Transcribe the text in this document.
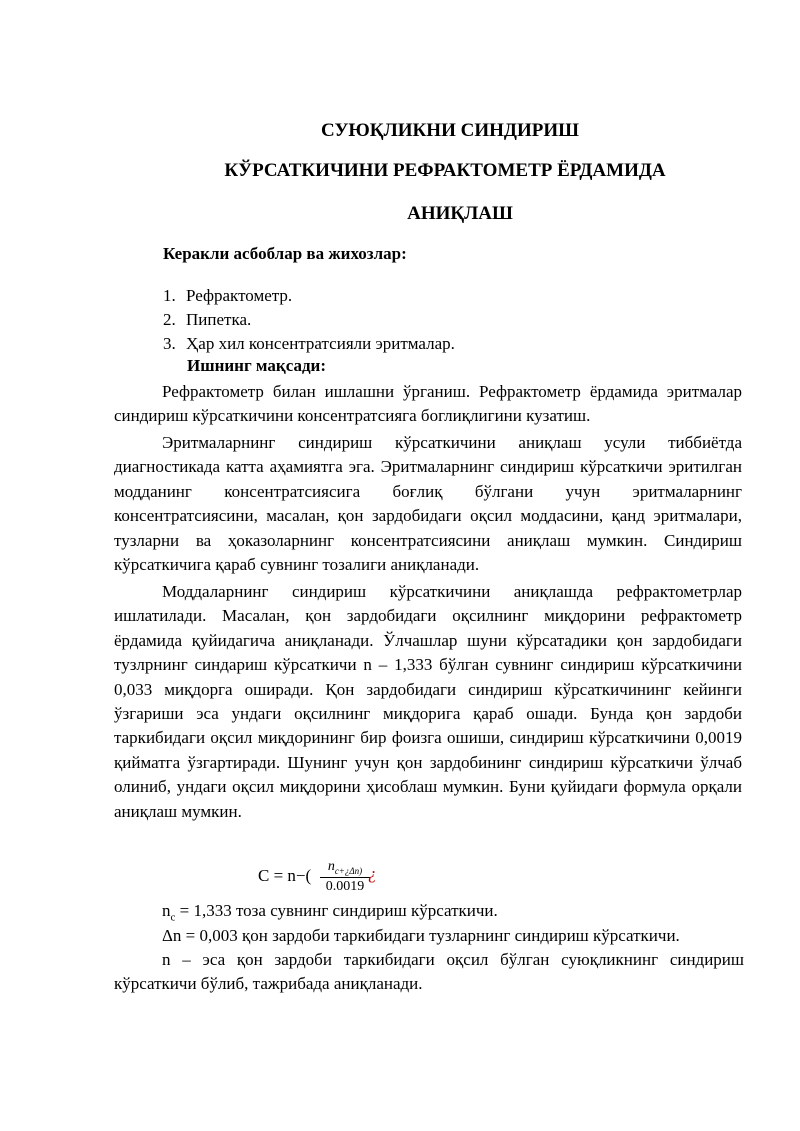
СУЮҚЛИКНИ СИНДИРИШ
КЎРСАТКИЧИНИ РЕФРАКТОМЕТР ЁРДАМИДА
АНИҚЛАШ
Керакли асбоблар ва жихозлар:
1. Рефрактометр.
2. Пипетка.
3. Ҳар хил консентратсияли эритмалар.
Ишнинг мақсади:

Рефрактометр билан ишлашни ўрганиш. Рефрактометр ёрдамида эритмалар синдириш кўрсаткичини консентратсияга боглиқлигини кузатиш.

Эритмаларнинг синдириш кўрсаткичини аниқлаш усули тиббиётда диагностикада катта аҳамиятга эга. Эритмаларнинг синдириш кўрсаткичи эритилган модданинг консентратсиясига боғлиқ бўлгани учун эритмаларнинг консентратсиясини, масалан, қон зардобидаги оқсил моддасини, қанд эритмалари, тузларни ва ҳоказоларнинг консентратсиясини аниқлаш мумкин. Синдириш кўрсаткичига қараб сувнинг тозалиги аниқланади.

Моддаларнинг синдириш кўрсаткичини аниқлашда рефрактометрлар ишлатилади. Масалан, қон зардобидаги оқсилнинг миқдорини рефрактометр ёрдамида қуйидагича аниқланади. Ўлчашлар шуни кўрсатадики қон зардобидаги тузлрнинг синдариш кўрсаткичи n – 1,333 бўлган сувнинг синдириш кўрсаткичини 0,033 миқдорга оширади. Қон зардобидаги синдириш кўрсаткичининг кейинги ўзгариши эса ундаги оқсилнинг миқдорига қараб ошади. Бунда қон зардоби таркибидаги оқсил миқдорининг бир фоизга ошиши, синдириш кўрсаткичини 0,0019 қийматга ўзгартиради. Шунинг учун қон зардобининг синдириш кўрсаткичи ўлчаб олиниб, ундаги оқсил миқдорини ҳисоблаш мумкин. Буни қуйидаги формула орқали аниқлаш мумкин.

C = n−(	$n_{c+¿\Delta n)}$
0.0019
¿

$n_c = 1,333$ тоза сувнинг синдириш кўрсаткичи.

Δn = 0,003 қон зардоби таркибидаги тузларнинг синдириш кўрсаткичи.

n – эса қон зардоби таркибидаги оқсил бўлган суюқликнинг синдириш кўрсаткичи бўлиб, тажрибада аниқланади.
